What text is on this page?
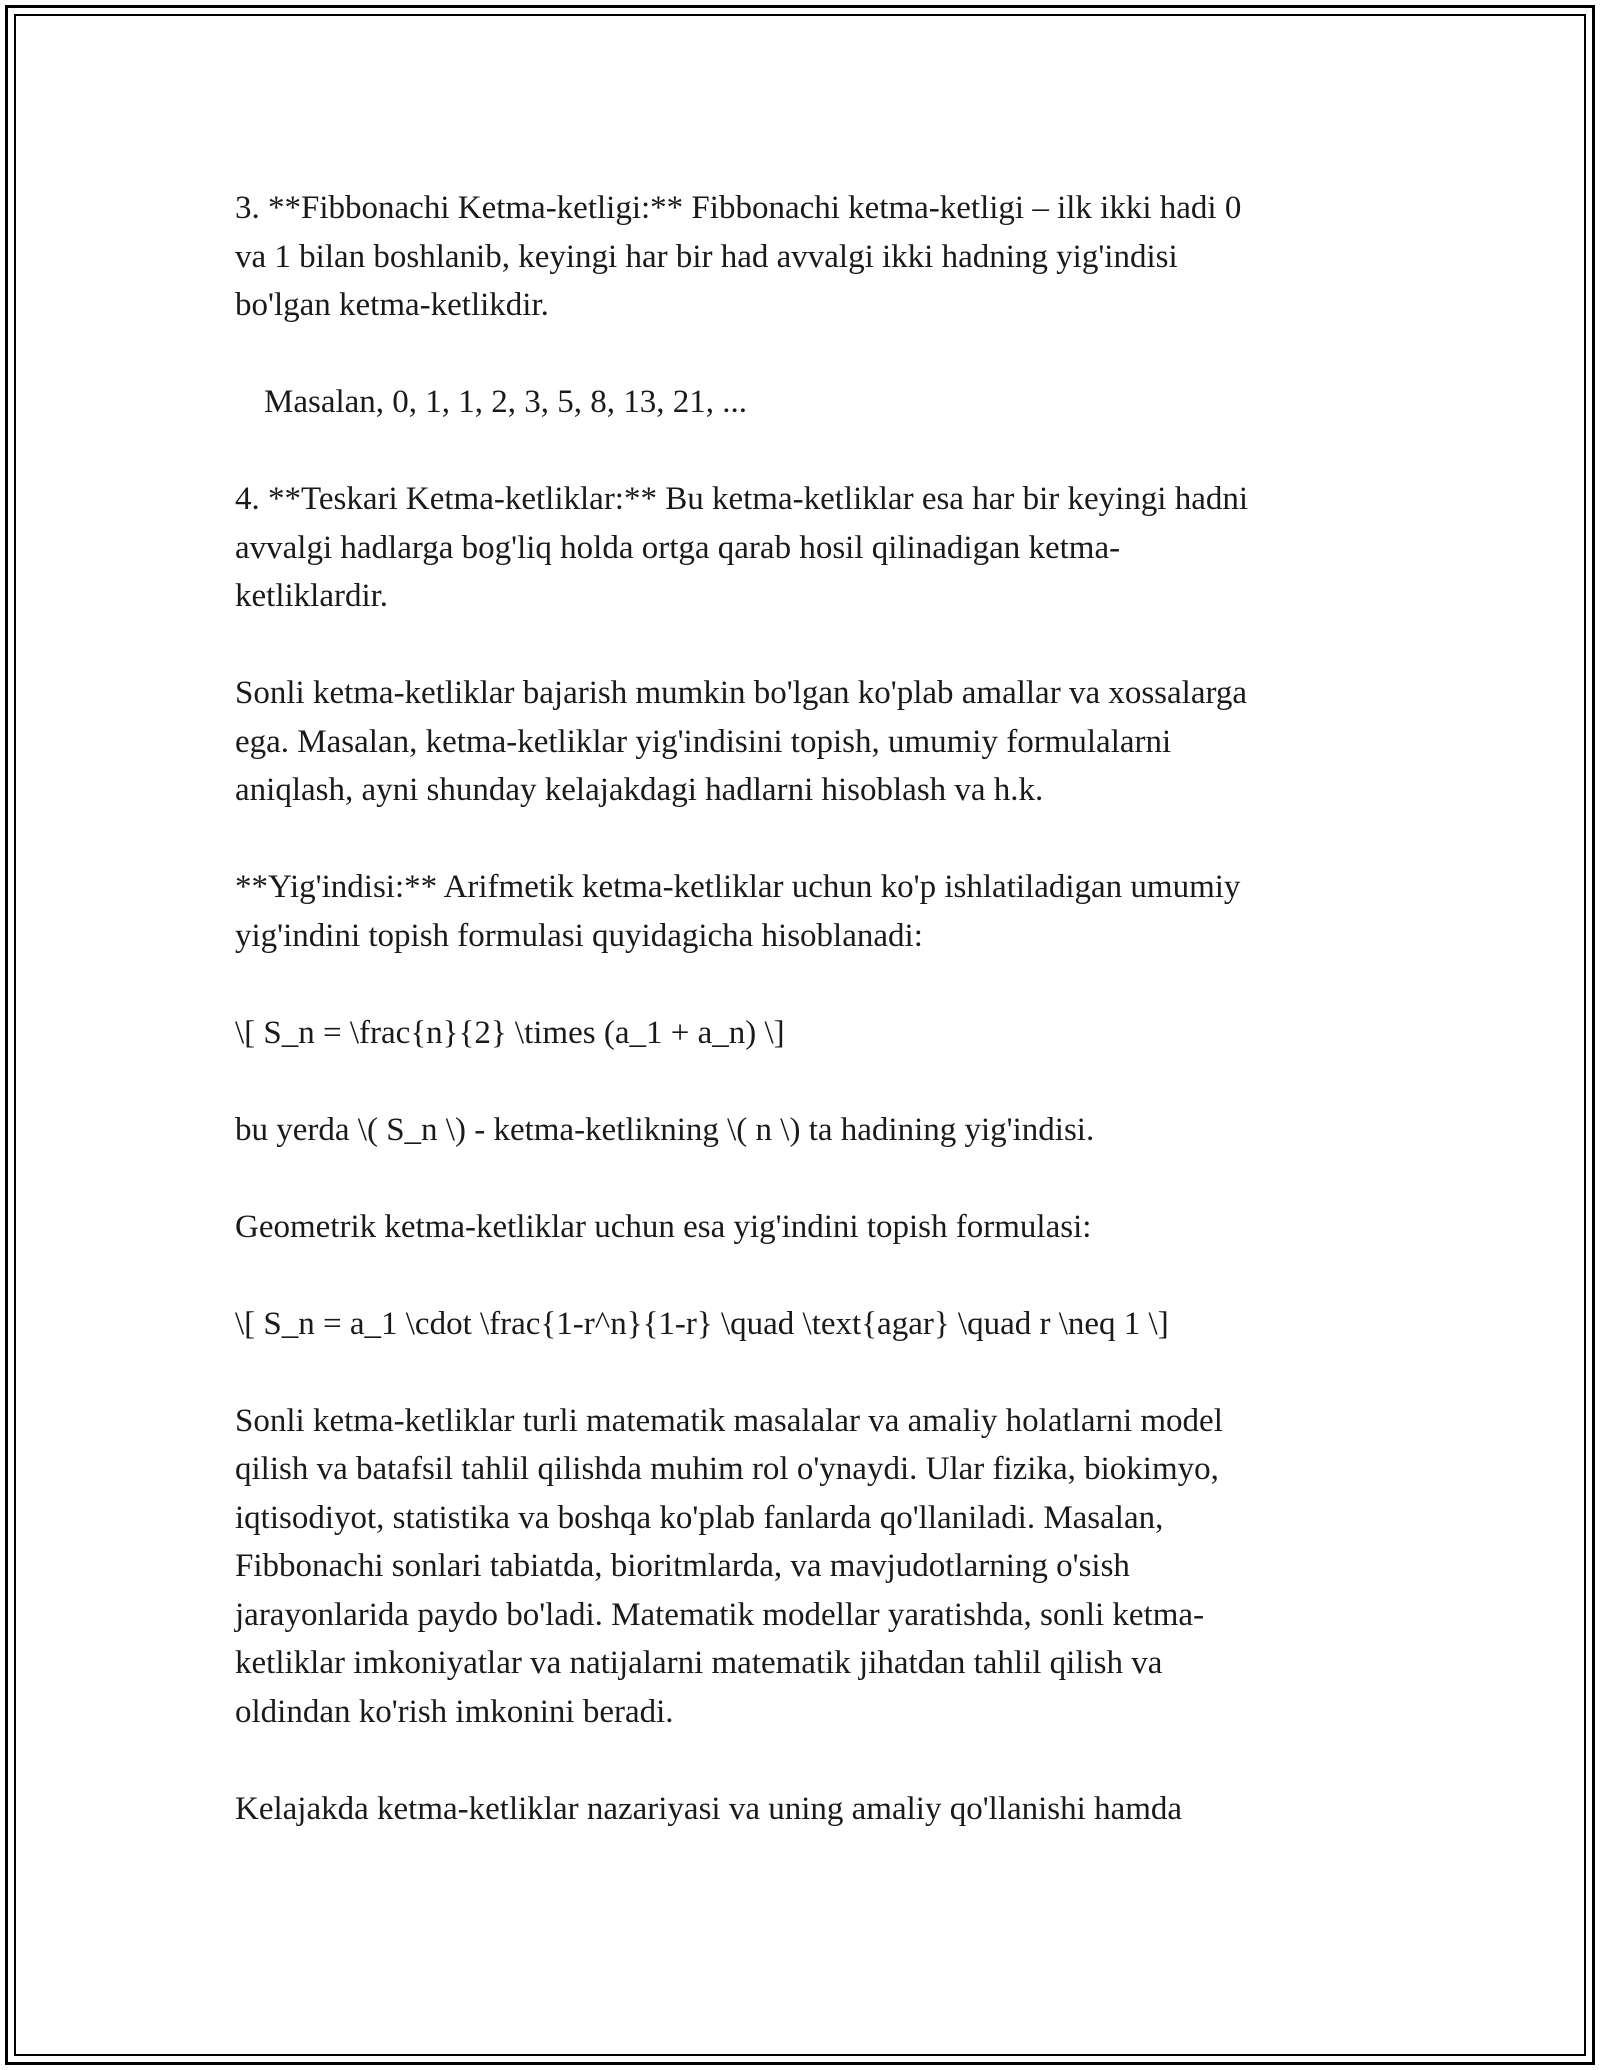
3. **Fibbonachi Ketma-ketligi:** Fibbonachi ketma-ketligi – ilk ikki hadi 0
va 1 bilan boshlanib, keyingi har bir had avvalgi ikki hadning yig'indisi
bo'lgan ketma-ketlikdir.

Masalan, 0, 1, 1, 2, 3, 5, 8, 13, 21, ...

4. **Teskari Ketma-ketliklar:** Bu ketma-ketliklar esa har bir keyingi hadni
avvalgi hadlarga bog'liq holda ortga qarab hosil qilinadigan ketma-
ketliklardir.

Sonli ketma-ketliklar bajarish mumkin bo'lgan ko'plab amallar va xossalarga
ega. Masalan, ketma-ketliklar yig'indisini topish, umumiy formulalarni
aniqlash, ayni shunday kelajakdagi hadlarni hisoblash va h.k.

**Yig'indisi:** Arifmetik ketma-ketliklar uchun ko'p ishlatiladigan umumiy
yig'indini topish formulasi quyidagicha hisoblanadi:

\[ S_n = \frac{n}{2} \times (a_1 + a_n) \]

bu yerda \( S_n \) - ketma-ketlikning \( n \) ta hadining yig'indisi.

Geometrik ketma-ketliklar uchun esa yig'indini topish formulasi:

\[ S_n = a_1 \cdot \frac{1-r^n}{1-r} \quad \text{agar} \quad r \neq 1 \]

Sonli ketma-ketliklar turli matematik masalalar va amaliy holatlarni model
qilish va batafsil tahlil qilishda muhim rol o'ynaydi. Ular fizika, biokimyo,
iqtisodiyot, statistika va boshqa ko'plab fanlarda qo'llaniladi. Masalan,
Fibbonachi sonlari tabiatda, bioritmlarda, va mavjudotlarning o'sish
jarayonlarida paydo bo'ladi. Matematik modellar yaratishda, sonli ketma-
ketliklar imkoniyatlar va natijalarni matematik jihatdan tahlil qilish va
oldindan ko'rish imkonini beradi.

Kelajakda ketma-ketliklar nazariyasi va uning amaliy qo'llanishi hamda
